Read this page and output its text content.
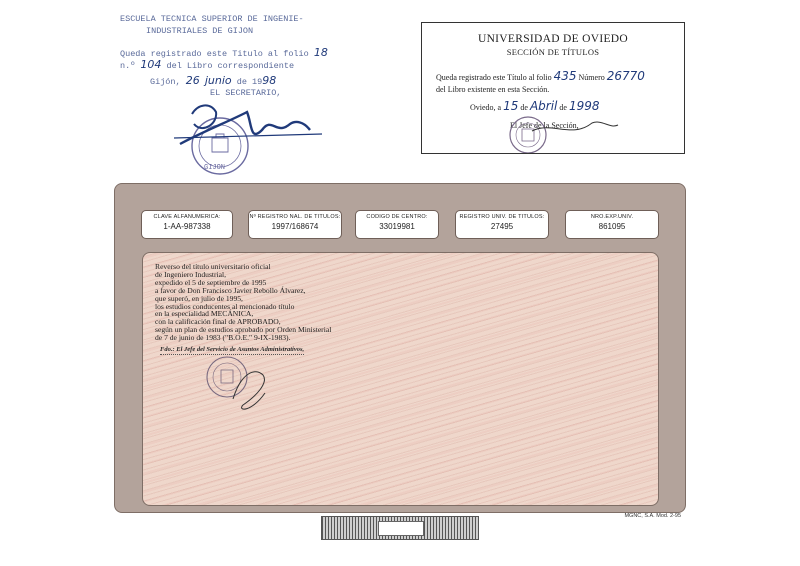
ESCUELA TECNICA SUPERIOR DE INGENIE-
INDUSTRIALES DE GIJON
Queda registrado este Titulo al folio 18
n.º 104 del Libro correspondiente
Gijón, 26 junio de 1998
EL SECRETARIO,
GIJON
UNIVERSIDAD DE OVIEDO
SECCIÓN DE TÍTULOS
Queda registrado este Título al folio 435 Número 26770
del Libro existente en esta Sección.
Oviedo, a 15 de Abril de 1998
El Jefe de la Sección,
CLAVE ALFANUMERICA:
1-AA-987338
Nº REGISTRO NAL. DE TITULOS:
1997/168674
CODIGO DE CENTRO:
33019981
REGISTRO UNIV. DE TITULOS:
27495
NRO.EXP.UNIV.
861095
Reverso del título universitario oficial
de Ingeniero Industrial,
expedido el 5 de septiembre de 1995
a favor de Don Francisco Javier Rebollo Álvarez,
que superó, en julio de 1995,
los estudios conducentes al mencionado título
en la especialidad MECÁNICA,
con la calificación final de APROBADO,
según un plan de estudios aprobado por Orden Ministerial
de 7 de junio de 1983 ("B.O.E." 9-IX-1983).
Fdo.: El Jefe del Servicio de Asuntos Administrativos,
MGNC, S.A. Mod. 2-95
